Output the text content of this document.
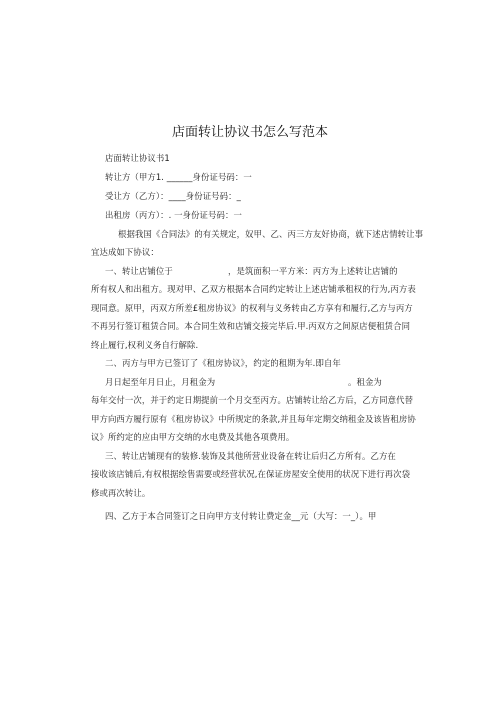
店面转让协议书怎么写范本
店面转让协议书1
转让方（甲方1. ______身份证号码：一
受让方（乙方）：____身份证号码：_
出租房（丙方）：. 一身份证号码：一
根据我国《合同法》的有关规定，奴甲、乙、丙三方友好协商，就下述店情转让事
宜达成如下协议：
一、转让店铺位于                    ，是筑面积一平方米：丙方为上述转让店铺的
所有权人和出租方。现对甲、乙双方根据本合同约定转让上述店铺承租权的行为,丙方表
现同意。原甲，丙双方所差£租房协议》的权利与义务转由乙方享有和履行,乙方与丙方
不再另行签订租赁合同。本合同生效和店铺交接完毕后.甲.丙双方之间原店便租赁合同
终止履行,权利义务自行解除.
二、丙方与甲方已签订了《租房协议》，约定的租期为年.即自年
月日起至年月日止，月租金为	。租金为
每年交付一次，并于约定日期提前一个月交至丙方。店铺转让给乙方后，乙方同意代替
甲方向西方履行原有《租房协议》中所规定的条款,并且每年定期交纳租金及该皆租房协
议》所约定的应由甲方交纳的水电费及其他各项费用。
三、转让店铺现有的装修.装饰及其他所营业设备在转让后归乙方所有。乙方在
接收该店铺后,有权根据绘售需要或经营状况,在保证房屋安全使用的状况下进行再次袋
修或再次转让。
四、乙方于本合同签订之日向甲方支付转让费定金__元（大写：一_）。甲
